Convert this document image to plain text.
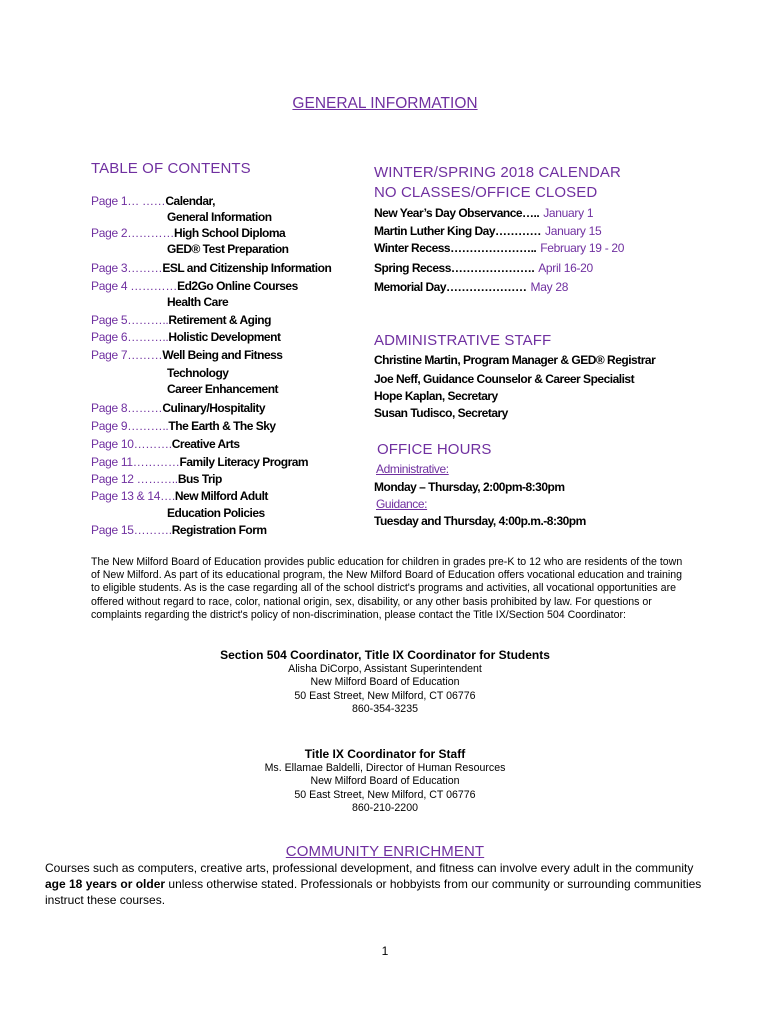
GENERAL INFORMATION
TABLE OF CONTENTS
Page 1… ……Calendar,
General Information
Page 2…………High School Diploma
GED® Test Preparation
Page 3………ESL and Citizenship Information
Page 4 …………Ed2Go Online Courses
Health Care
Page 5………..Retirement & Aging
Page 6………..Holistic Development
Page 7………Well Being and Fitness
Technology
Career Enhancement
Page 8………Culinary/Hospitality
Page 9………..The Earth & The Sky
Page 10……….Creative Arts
Page 11…………Family Literacy Program
Page 12 ………..Bus Trip
Page 13 & 14….New Milford Adult
Education Policies
Page 15……….Registration Form
WINTER/SPRING 2018 CALENDAR
NO CLASSES/OFFICE CLOSED
New Year’s Day Observance….. January 1
Martin Luther King Day………… January 15
Winter Recess………………….. February 19 - 20
Spring Recess…………………. April 16-20
Memorial Day………………… May 28
ADMINISTRATIVE STAFF
Christine Martin, Program Manager & GED® Registrar
Joe Neff, Guidance Counselor & Career Specialist
Hope Kaplan, Secretary
Susan Tudisco, Secretary
OFFICE HOURS
Administrative:
Monday – Thursday, 2:00pm-8:30pm
Guidance:
Tuesday and Thursday, 4:00p.m.-8:30pm
The New Milford Board of Education provides public education for children in grades pre-K to 12 who are residents of the town of New Milford. As part of its educational program, the New Milford Board of Education offers vocational education and training to eligible students. As is the case regarding all of the school district's programs and activities, all vocational opportunities are offered without regard to race, color, national origin, sex, disability, or any other basis prohibited by law. For questions or complaints regarding the district's policy of non-discrimination, please contact the Title IX/Section 504 Coordinator:
Section 504 Coordinator, Title IX Coordinator for Students
Alisha DiCorpo, Assistant Superintendent
New Milford Board of Education
50 East Street, New Milford, CT 06776
860-354-3235
Title IX Coordinator for Staff
Ms. Ellamae Baldelli, Director of Human Resources
New Milford Board of Education
50 East Street, New Milford, CT 06776
860-210-2200
COMMUNITY ENRICHMENT
Courses such as computers, creative arts, professional development, and fitness can involve every adult in the community age 18 years or older unless otherwise stated. Professionals or hobbyists from our community or surrounding communities instruct these courses.
1
